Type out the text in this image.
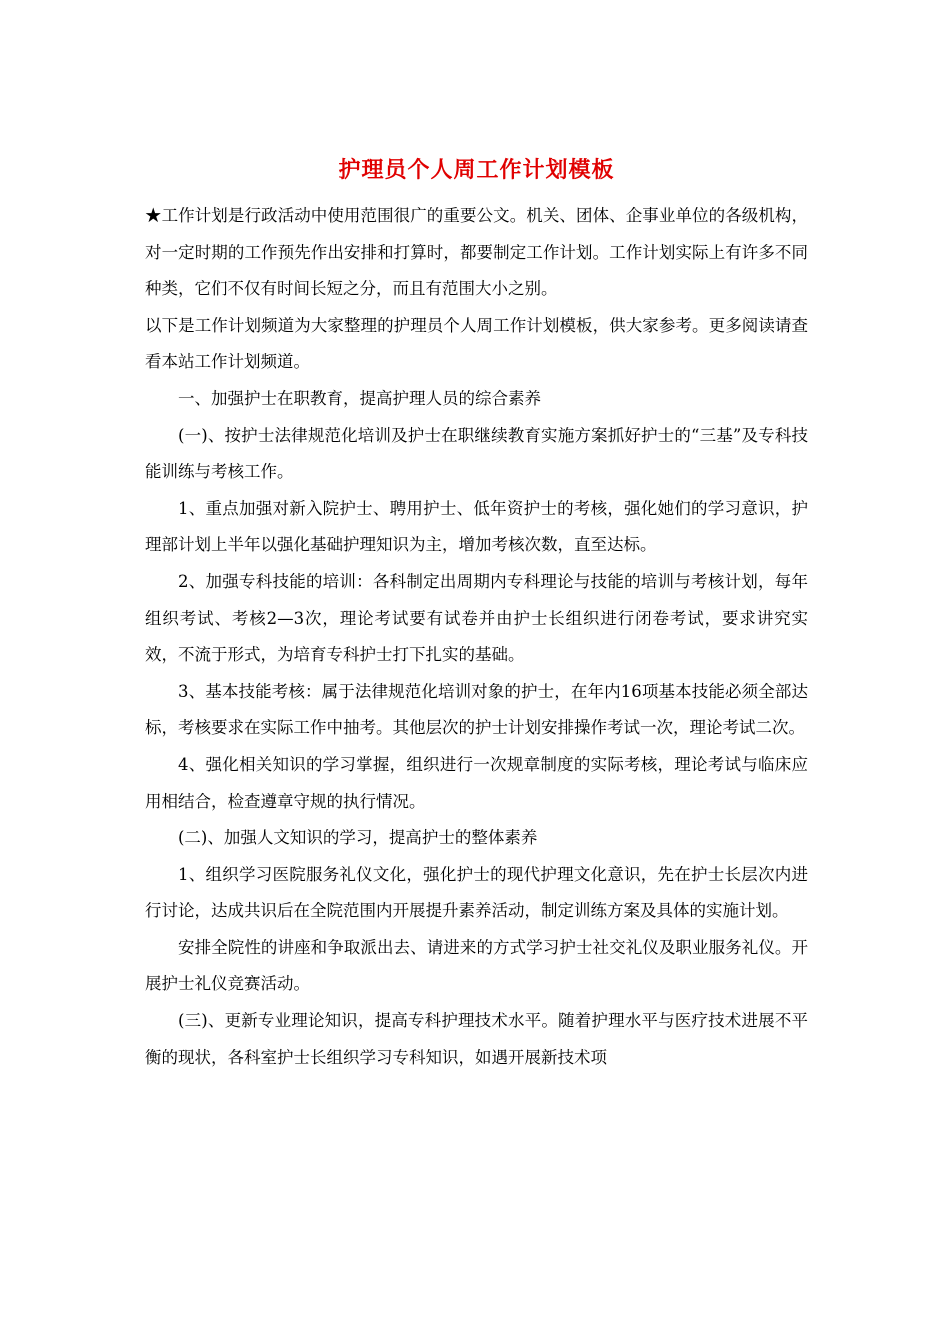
护理员个人周工作计划模板

★工作计划是行政活动中使用范围很广的重要公文。机关、团体、企事业单位的各级机构，对一定时期的工作预先作出安排和打算时，都要制定工作计划。工作计划实际上有许多不同种类，它们不仅有时间长短之分，而且有范围大小之别。

以下是工作计划频道为大家整理的护理员个人周工作计划模板，供大家参考。更多阅读请查看本站工作计划频道。

一、加强护士在职教育，提高护理人员的综合素养

(一)、按护士法律规范化培训及护士在职继续教育实施方案抓好护士的“三基”及专科技能训练与考核工作。

1、重点加强对新入院护士、聘用护士、低年资护士的考核，强化她们的学习意识，护理部计划上半年以强化基础护理知识为主，增加考核次数，直至达标。

2、加强专科技能的培训：各科制定出周期内专科理论与技能的培训与考核计划，每年组织考试、考核2—3次，理论考试要有试卷并由护士长组织进行闭卷考试，要求讲究实效，不流于形式，为培育专科护士打下扎实的基础。

3、基本技能考核：属于法律规范化培训对象的护士，在年内16项基本技能必须全部达标，考核要求在实际工作中抽考。其他层次的护士计划安排操作考试一次，理论考试二次。

4、强化相关知识的学习掌握，组织进行一次规章制度的实际考核，理论考试与临床应用相结合，检查遵章守规的执行情况。

(二)、加强人文知识的学习，提高护士的整体素养

1、组织学习医院服务礼仪文化，强化护士的现代护理文化意识，先在护士长层次内进行讨论，达成共识后在全院范围内开展提升素养活动，制定训练方案及具体的实施计划。

安排全院性的讲座和争取派出去、请进来的方式学习护士社交礼仪及职业服务礼仪。开展护士礼仪竞赛活动。

(三)、更新专业理论知识，提高专科护理技术水平。随着护理水平与医疗技术进展不平衡的现状，各科室护士长组织学习专科知识，如遇开展新技术项
